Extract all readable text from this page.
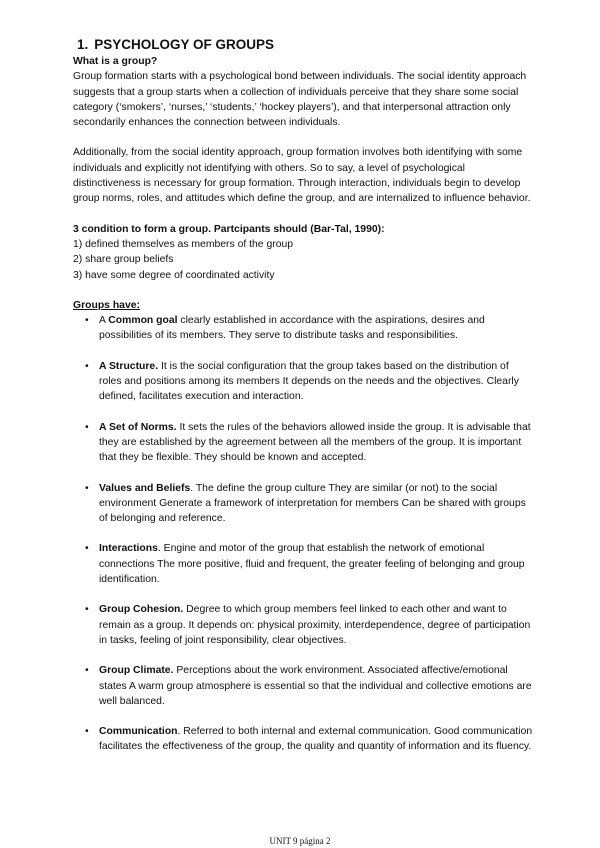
1. PSYCHOLOGY OF GROUPS

What is a group?

Group formation starts with a psychological bond between individuals. The social identity approach suggests that a group starts when a collection of individuals perceive that they share some social category (‘smokers’, ‘nurses,’ ‘students,’ ‘hockey players’), and that interpersonal attraction only secondarily enhances the connection between individuals.

Additionally, from the social identity approach, group formation involves both identifying with some individuals and explicitly not identifying with others. So to say, a level of psychological distinctiveness is necessary for group formation. Through interaction, individuals begin to develop group norms, roles, and attitudes which define the group, and are internalized to influence behavior.

3 condition to form a group. Partcipants should (Bar-Tal, 1990):

1) defined themselves as members of the group

2) share group beliefs

3) have some degree of coordinated activity

Groups have:

• A Common goal clearly established in accordance with the aspirations, desires and possibilities of its members. They serve to distribute tasks and responsibilities.
• A Structure. It is the social configuration that the group takes based on the distribution of roles and positions among its members It depends on the needs and the objectives. Clearly defined, facilitates execution and interaction.
• A Set of Norms. It sets the rules of the behaviors allowed inside the group. It is advisable that they are established by the agreement between all the members of the group. It is important that they be flexible. They should be known and accepted.
• Values and Beliefs. The define the group culture They are similar (or not) to the social environment Generate a framework of interpretation for members Can be shared with groups of belonging and reference.
• Interactions. Engine and motor of the group that establish the network of emotional connections The more positive, fluid and frequent, the greater feeling of belonging and group identification.
• Group Cohesion. Degree to which group members feel linked to each other and want to remain as a group. It depends on: physical proximity, interdependence, degree of participation in tasks, feeling of joint responsibility, clear objectives.
• Group Climate. Perceptions about the work environment. Associated affective/emotional states A warm group atmosphere is essential so that the individual and collective emotions are well balanced.
• Communication. Referred to both internal and external communication. Good communication facilitates the effectiveness of the group, the quality and quantity of information and its fluency.
UNIT 9 página 2
